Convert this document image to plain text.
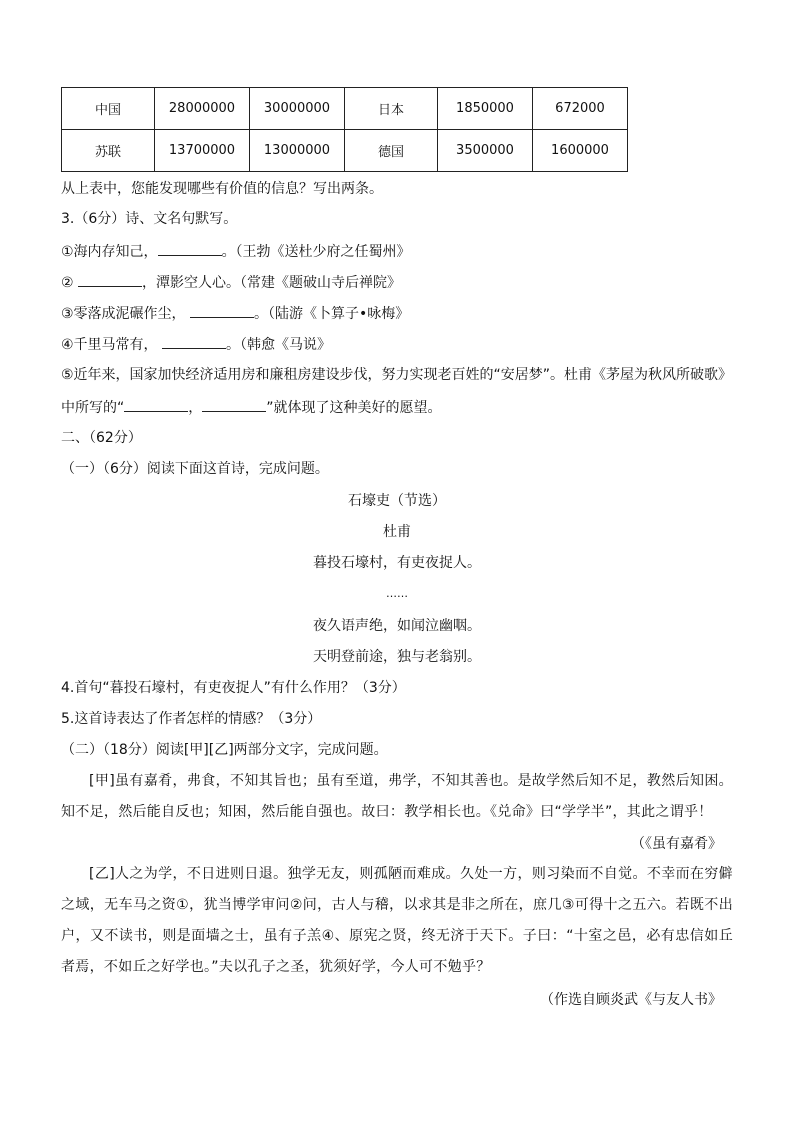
中国	28000000	30000000	日本	1850000	672000
苏联	13700000	13000000	德国	3500000	1600000
从上表中，您能发现哪些有价值的信息？写出两条。
3.（6分）诗、文名句默写。
①海内存知己，	。（王勃《送杜少府之任蜀州》
②	，潭影空人心。（常建《题破山寺后禅院》
③零落成泥碾作尘，	。（陆游《卜算子•咏梅》
④千里马常有，	。（韩愈《马说》
⑤近年来，国家加快经济适用房和廉租房建设步伐，努力实现老百姓的“安居梦”。杜甫《茅屋为秋风所破歌》
中所写的“	，	”就体现了这种美好的愿望。
二、（62分）
（一）（6分）阅读下面这首诗，完成问题。
石壕吏（节选）
杜甫
暮投石壕村，有吏夜捉人。
……
夜久语声绝，如闻泣幽咽。
天明登前途，独与老翁别。
4.首句“暮投石壕村，有吏夜捉人”有什么作用？（3分）
5.这首诗表达了作者怎样的情感？（3分）
（二）（18分）阅读[甲][乙]两部分文字，完成问题。
[甲]虽有嘉肴，弗食，不知其旨也；虽有至道，弗学，不知其善也。是故学然后知不足，教然后知困。知不足，然后能自反也；知困，然后能自强也。故曰：教学相长也。《兑命》曰“学学半”，其此之谓乎！
（《虽有嘉肴》
[乙]人之为学，不日进则日退。独学无友，则孤陋而难成。久处一方，则习染而不自觉。不幸而在穷僻之域，无车马之资①，犹当博学审问②问，古人与稽，以求其是非之所在，庶几③可得十之五六。若既不出户，又不读书，则是面墙之士，虽有子羔④、原宪之贤，终无济于天下。子曰：“十室之邑，必有忠信如丘者焉，不如丘之好学也。”夫以孔子之圣，犹须好学，今人可不勉乎？
（作选自顾炎武《与友人书》
